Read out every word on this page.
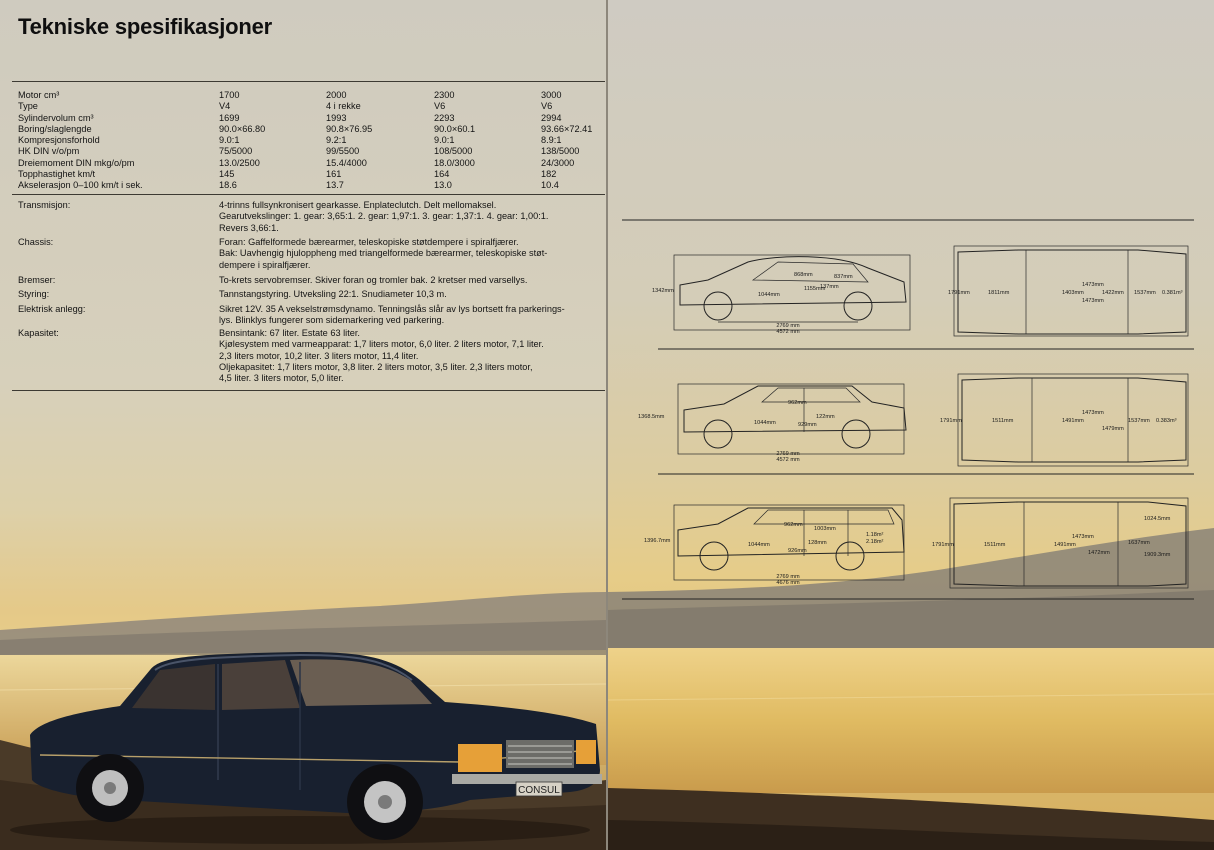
Tekniske spesifikasjoner
Motor cm³	1700	2000	2300	3000
Type	V4	4 i rekke	V6	V6
Sylindervolum cm³	1699	1993	2293	2994
Boring/slaglengde	90.0×66.80	90.8×76.95	90.0×60.1	93.66×72.41
Kompresjonsforhold	9.0:1	9.2:1	9.0:1	8.9:1
HK DIN v/o/pm	75/5000	99/5500	108/5000	138/5000
Dreiemoment DIN mkg/o/pm	13.0/2500	15.4/4000	18.0/3000	24/3000
Topphastighet km/t	145	161	164	182
Akselerasjon 0–100 km/t i sek.	18.6	13.7	13.0	10.4
Transmisjon:	4-trinns fullsynkronisert gearkasse. Enplateclutch. Delt mellomaksel.
Gearutvekslinger: 1. gear: 3,65:1. 2. gear: 1,97:1. 3. gear: 1,37:1. 4. gear: 1,00:1.
Revers 3,66:1.
Chassis:	Foran: Gaffelformede bærearmer, teleskopiske støtdempere i spiralfjærer.
Bak: Uavhengig hjuloppheng med triangelformede bærearmer, teleskopiske støt-
dempere i spiralfjærer.
Bremser:	To-krets servobremser. Skiver foran og tromler bak. 2 kretser med varsellys.
Styring:	Tannstangstyring. Utveksling 22:1. Snudiameter 10,3 m.
Elektrisk anlegg:	Sikret 12V. 35 A vekselstrømsdynamo. Tenningslås slår av lys bortsett fra parkerings-
lys. Blinklys fungerer som sidemarkering ved parkering.
Kapasitet:	Bensintank: 67 liter. Estate 63 liter.
Kjølesystem med varmeapparat: 1,7 liters motor, 6,0 liter. 2 liters motor, 7,1 liter.
2,3 liters motor, 10,2 liter. 3 liters motor, 11,4 liter.
Oljekapasitet: 1,7 liters motor, 3,8 liter. 2 liters motor, 3,5 liter. 2,3 liters motor,
4,5 liter. 3 liters motor, 5,0 liter.
CONSUL
2769 mm
4572 mm
1342mm
1044mm
868mm
1155mm
137mm
837mm
1791mm	1811mm	1403mm
1473mm
1473mm
1422mm 1537mm 0.381m³
2769 mm
4572 mm
1368.5mm
1044mm
962mm
929mm
122mm
1791mm	1511mm	1491mm
1473mm
1479mm
1537mm 0.383m³
2769 mm
4676 mm
1396.7mm
1044mm
962mm
926mm
1003mm
128mm
1.18m²
2.18m²	1791mm	1511mm	1491mm
1473mm
1472mm
1024.5mm
1637mm
1909.3mm
